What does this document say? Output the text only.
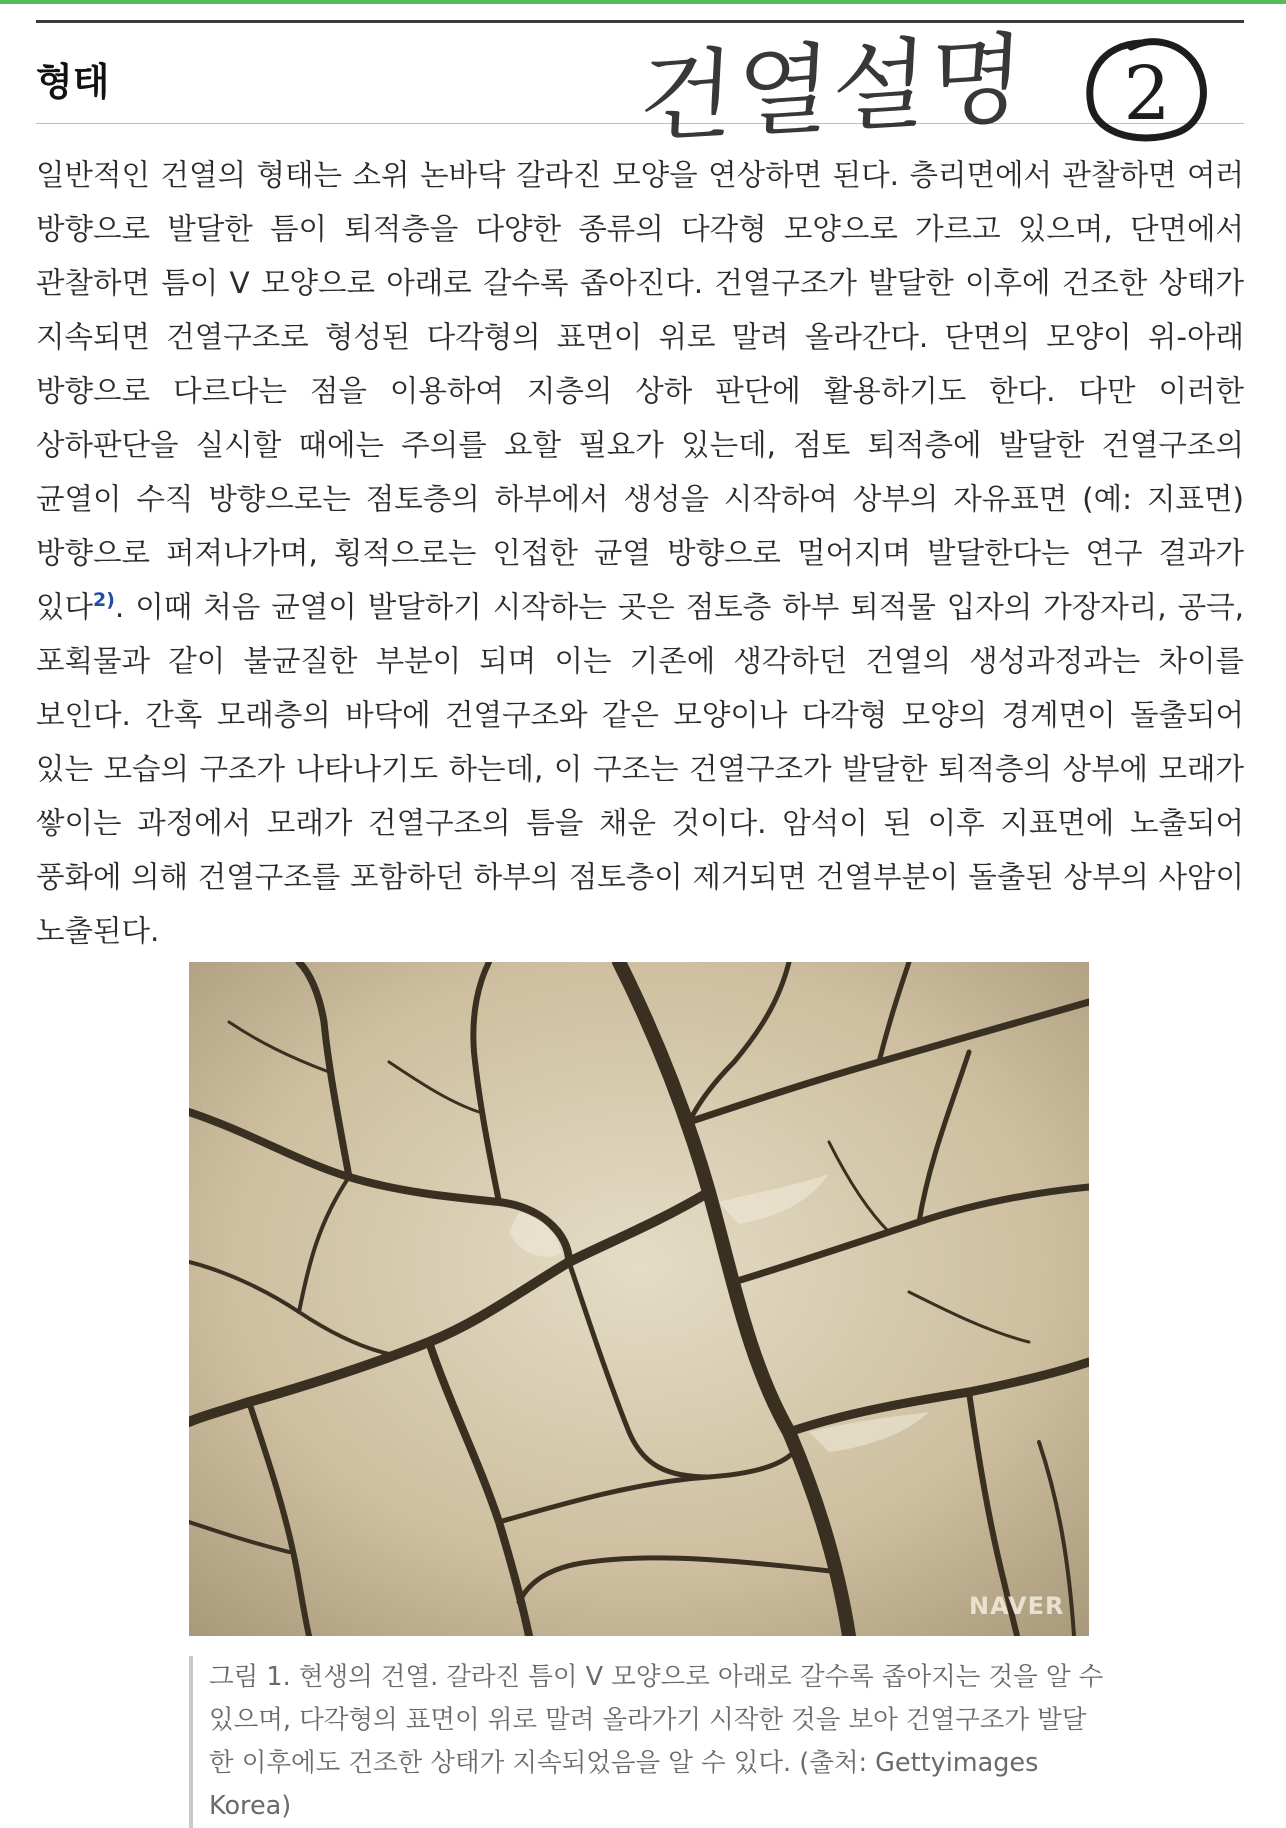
형태	건열설명 2

일반적인 건열의 형태는 소위 논바닥 갈라진 모양을 연상하면 된다. 층리면에서 관찰하면 여러 방향으로 발달한 틈이 퇴적층을 다양한 종류의 다각형 모양으로 가르고 있으며, 단면에서 관찰하면 틈이 V 모양으로 아래로 갈수록 좁아진다. 건열구조가 발달한 이후에 건조한 상태가 지속되면 건열구조로 형성된 다각형의 표면이 위로 말려 올라간다. 단면의 모양이 위-아래 방향으로 다르다는 점을 이용하여 지층의 상하 판단에 활용하기도 한다. 다만 이러한 상하판단을 실시할 때에는 주의를 요할 필요가 있는데, 점토 퇴적층에 발달한 건열구조의 균열이 수직 방향으로는 점토층의 하부에서 생성을 시작하여 상부의 자유표면 (예: 지표면) 방향으로 퍼져나가며, 횡적으로는 인접한 균열 방향으로 멀어지며 발달한다는 연구 결과가 있다$^{2)}$. 이때 처음 균열이 발달하기 시작하는 곳은 점토층 하부 퇴적물 입자의 가장자리, 공극, 포획물과 같이 불균질한 부분이 되며 이는 기존에 생각하던 건열의 생성과정과는 차이를 보인다. 간혹 모래층의 바닥에 건열구조와 같은 모양이나 다각형 모양의 경계면이 돌출되어 있는 모습의 구조가 나타나기도 하는데, 이 구조는 건열구조가 발달한 퇴적층의 상부에 모래가 쌓이는 과정에서 모래가 건열구조의 틈을 채운 것이다. 암석이 된 이후 지표면에 노출되어 풍화에 의해 건열구조를 포함하던 하부의 점토층이 제거되면 건열부분이 돌출된 상부의 사암이 노출된다.

NAVER
그림 1. 현생의 건열. 갈라진 틈이 V 모양으로 아래로 갈수록 좁아지는 것을 알 수 있으며, 다각형의 표면이 위로 말려 올라가기 시작한 것을 보아 건열구조가 발달한 이후에도 건조한 상태가 지속되었음을 알 수 있다. (출처: Gettyimages Korea)
